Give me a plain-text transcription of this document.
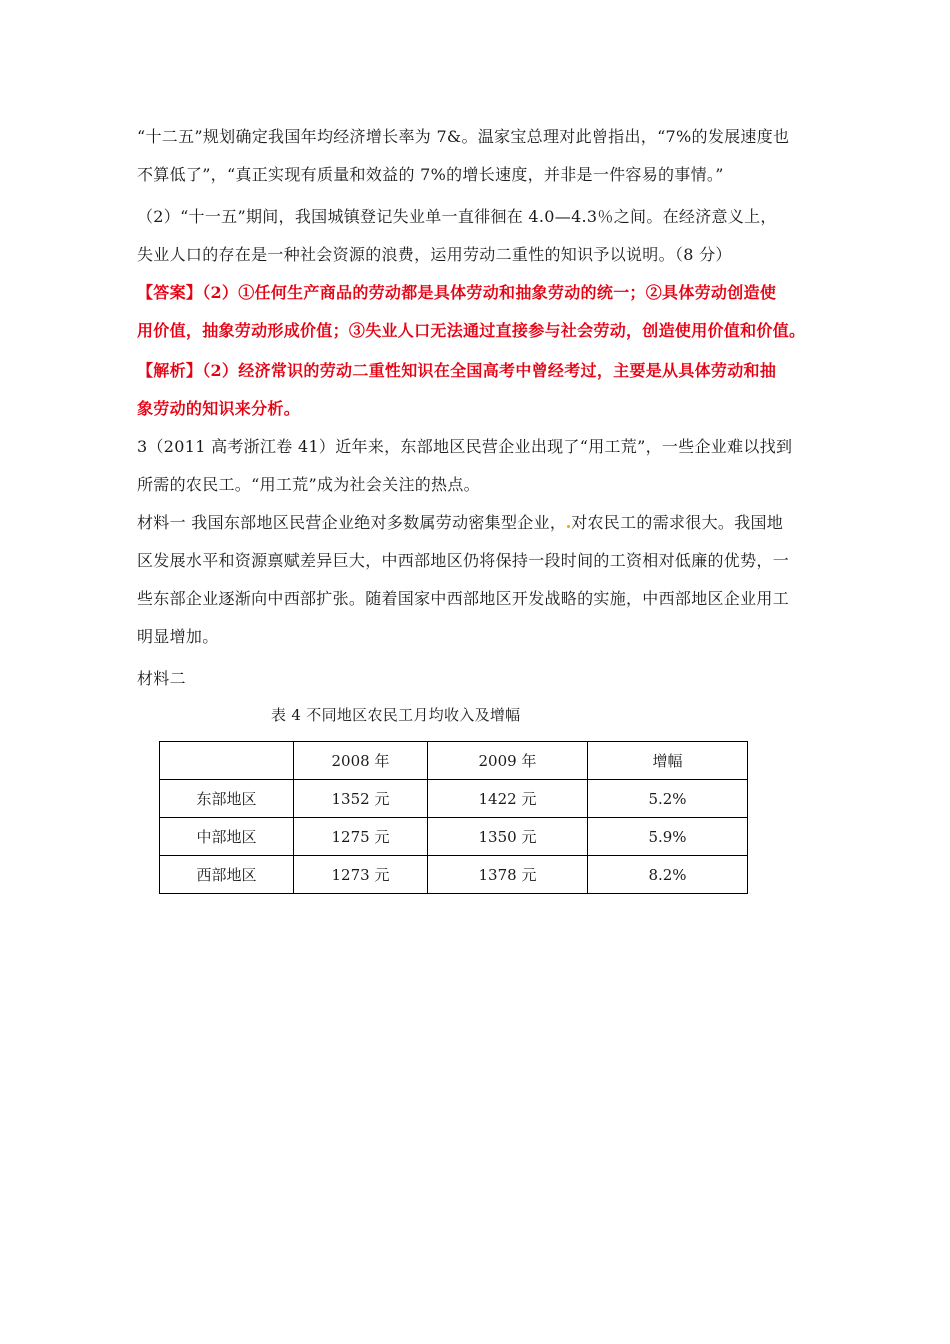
“十二五”规划确定我国年均经济增长率为 7&。温家宝总理对此曾指出，“7%的发展速度也
不算低了”，“真正实现有质量和效益的 7%的增长速度，并非是一件容易的事情。”

（2）“十一五”期间，我国城镇登记失业单一直徘徊在 4.0—4.3％之间。在经济意义上，
失业人口的存在是一种社会资源的浪费，运用劳动二重性的知识予以说明。（8 分）

【答案】（2）①任何生产商品的劳动都是具体劳动和抽象劳动的统一；②具体劳动创造使
用价值，抽象劳动形成价值；③失业人口无法通过直接参与社会劳动，创造使用价值和价值。

【解析】（2）经济常识的劳动二重性知识在全国高考中曾经考过，主要是从具体劳动和抽
象劳动的知识来分析。

3（2011 高考浙江卷 41）近年来，东部地区民营企业出现了“用工荒”，一些企业难以找到
所需的农民工。“用工荒”成为社会关注的热点。

材料一 我国东部地区民营企业绝对多数属劳动密集型企业， 对农民工的需求很大。我国地
区发展水平和资源禀赋差异巨大，中西部地区仍将保持一段时间的工资相对低廉的优势，一
些东部企业逐渐向中西部扩张。随着国家中西部地区开发战略的实施，中西部地区企业用工
明显增加。

材料二

表 4 不同地区农民工月均收入及增幅
	2008 年	2009 年	增幅
东部地区	1352 元	1422 元	5.2%
中部地区	1275 元	1350 元	5.9%
西部地区	1273 元	1378 元	8.2%
